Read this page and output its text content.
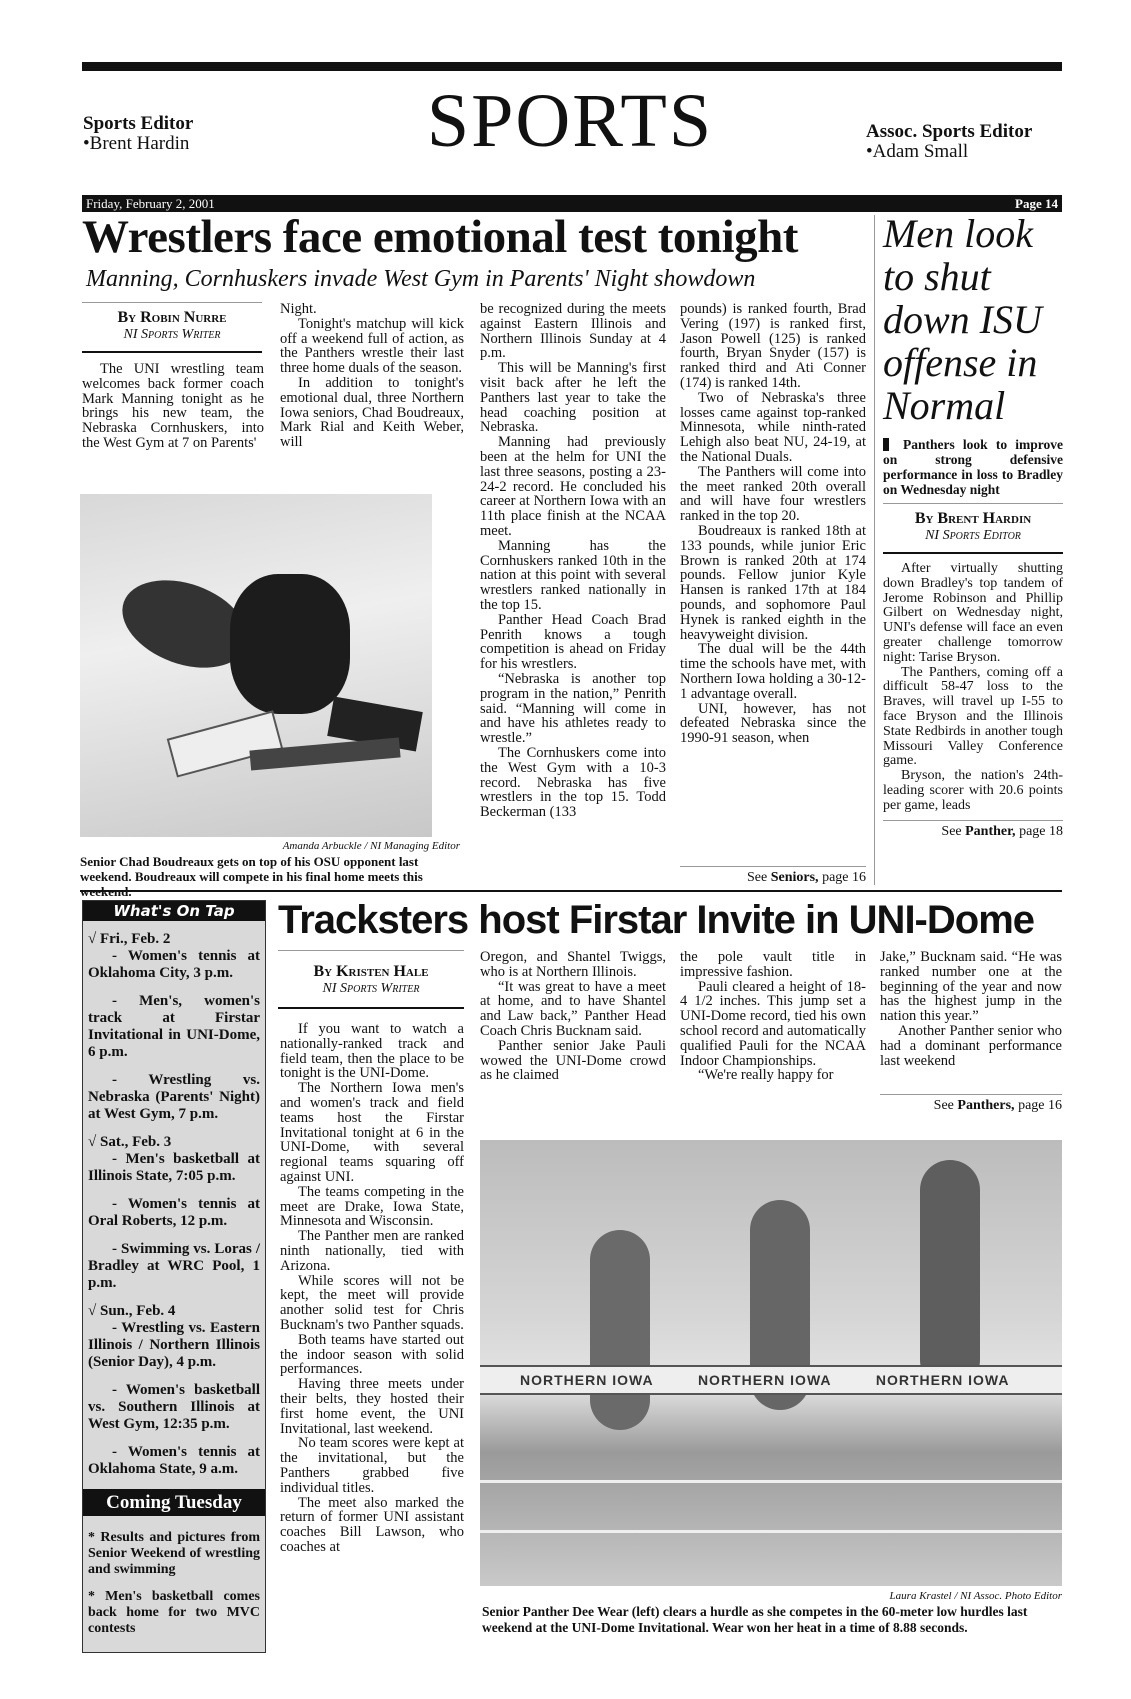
Sports Editor
•Brent Hardin	SPORTS	Assoc. Sports Editor
•Adam Small
Friday, February 2, 2001	Page 14
Wrestlers face emotional test tonight
Manning, Cornhuskers invade West Gym in Parents' Night showdown
By Robin Nurre
NI Sports Writer

The UNI wrestling team welcomes back former coach Mark Manning tonight as he brings his new team, the Nebraska Cornhuskers, into the West Gym at 7 on Parents'

Night.

Tonight's matchup will kick off a weekend full of action, as the Panthers wrestle their last three home duals of the season.

In addition to tonight's emotional dual, three Northern Iowa seniors, Chad Boudreaux, Mark Rial and Keith Weber, will

be recognized during the meets against Eastern Illinois and Northern Illinois Sunday at 4 p.m.

This will be Manning's first visit back after he left the Panthers last year to take the head coaching position at Nebraska.

Manning had previously been at the helm for UNI the last three seasons, posting a 23-24-2 record. He concluded his career at Northern Iowa with an 11th place finish at the NCAA meet.

Manning has the Cornhuskers ranked 10th in the nation at this point with several wrestlers ranked nationally in the top 15.

Panther Head Coach Brad Penrith knows a tough competition is ahead on Friday for his wrestlers.

“Nebraska is another top program in the nation,” Penrith said. “Manning will come in and have his athletes ready to wrestle.”

The Cornhuskers come into the West Gym with a 10-3 record. Nebraska has five wrestlers in the top 15. Todd Beckerman (133

pounds) is ranked fourth, Brad Vering (197) is ranked first, Jason Powell (125) is ranked fourth, Bryan Snyder (157) is ranked third and Ati Conner (174) is ranked 14th.

Two of Nebraska's three losses came against top-ranked Minnesota, while ninth-rated Lehigh also beat NU, 24-19, at the National Duals.

The Panthers will come into the meet ranked 20th overall and will have four wrestlers ranked in the top 20.

Boudreaux is ranked 18th at 133 pounds, while junior Eric Brown is ranked 20th at 174 pounds. Fellow junior Kyle Hansen is ranked 17th at 184 pounds, and sophomore Paul Hynek is ranked eighth in the heavyweight division.

The dual will be the 44th time the schools have met, with Northern Iowa holding a 30-12-1 advantage overall.

UNI, however, has not defeated Nebraska since the 1990-91 season, when

See Seniors, page 16
Amanda Arbuckle / NI Managing Editor
Senior Chad Boudreaux gets on top of his OSU opponent last weekend. Boudreaux will compete in his final home meets this
Men look to shut down ISU offense in Normal
Panthers look to improve on strong defensive performance in loss to Bradley on Wednesday night
By Brent Hardin
NI Sports Editor

After virtually shutting down Bradley's top tandem of Jerome Robinson and Phillip Gilbert on Wednesday night, UNI's defense will face an even greater challenge tomorrow night: Tarise Bryson.

The Panthers, coming off a difficult 58-47 loss to the Braves, will travel up I-55 to face Bryson and the Illinois State Redbirds in another tough Missouri Valley Conference game.

Bryson, the nation's 24th-leading scorer with 20.6 points per game, leads

See Panther, page 18
What's On Tap

√ Fri., Feb. 2

- Women's tennis at Oklahoma City, 3 p.m.

- Men's, women's track at Firstar Invitational in UNI-Dome, 6 p.m.

- Wrestling vs. Nebraska (Parents' Night) at West Gym, 7 p.m.

√ Sat., Feb. 3

- Men's basketball at Illinois State, 7:05 p.m.

- Women's tennis at Oral Roberts, 12 p.m.

- Swimming vs. Loras / Bradley at WRC Pool, 1 p.m.

√ Sun., Feb. 4

- Wrestling vs. Eastern Illinois / Northern Illinois (Senior Day), 4 p.m.

- Women's basketball vs. Southern Illinois at West Gym, 12:35 p.m.

- Women's tennis at Oklahoma State, 9 a.m.

Coming Tuesday

* Results and pictures from Senior Weekend of wrestling and swimming

* Men's basketball comes back home for two MVC contests

Tracksters host Firstar Invite in UNI-Dome
By Kristen Hale
NI Sports Writer

If you want to watch a nationally-ranked track and field team, then the place to be tonight is the UNI-Dome.

The Northern Iowa men's and women's track and field teams host the Firstar Invitational tonight at 6 in the UNI-Dome, with several regional teams squaring off against UNI.

The teams competing in the meet are Drake, Iowa State, Minnesota and Wisconsin.

The Panther men are ranked ninth nationally, tied with Arizona.

While scores will not be kept, the meet will provide another solid test for Chris Bucknam's two Panther squads.

Both teams have started out the indoor season with solid performances.

Having three meets under their belts, they hosted their first home event, the UNI Invitational, last weekend.

No team scores were kept at the invitational, but the Panthers grabbed five individual titles.

The meet also marked the return of former UNI assistant coaches Bill Lawson, who coaches at

Oregon, and Shantel Twiggs, who is at Northern Illinois.

“It was great to have a meet at home, and to have Shantel and Law back,” Panther Head Coach Chris Bucknam said.

Panther senior Jake Pauli wowed the UNI-Dome crowd as he claimed

the pole vault title in impressive fashion.

Pauli cleared a height of 18-4 1/2 inches. This jump set a UNI-Dome record, tied his own school record and automatically qualified Pauli for the NCAA Indoor Championships.

“We're really happy for

Jake,” Bucknam said. “He was ranked number one at the beginning of the year and now has the highest jump in the nation this year.”

Another Panther senior who had a dominant performance last weekend

See Panthers, page 16
NORTHERN IOWA	NORTHERN IOWA	NORTHERN IOWA
Laura Krastel / NI Assoc. Photo Editor
Senior Panther Dee Wear (left) clears a hurdle as she competes in the 60-meter low hurdles last weekend at the UNI-Dome Invitational. Wear won her heat in a time of 8.88 seconds.
